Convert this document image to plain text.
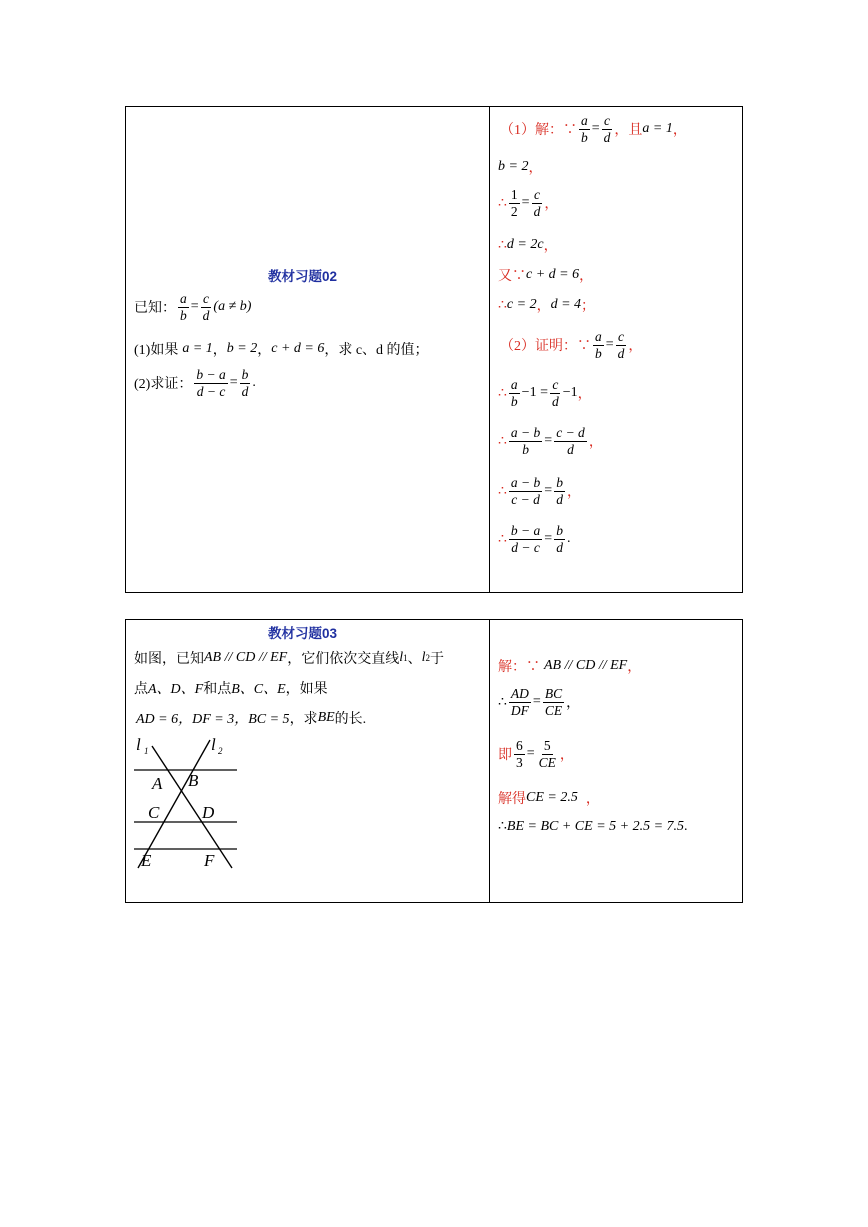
教材习题02
已知： $\frac{a}{b} = \frac{c}{d} (a \ne b)$
(1)如果 a = 1 ， b = 2 ， c + d = 6 ，求 c、d 的值；
(2)求证： $\frac{b - a}{d - c} = \frac{b}{d}$ .
（1）解：∵ $\frac{a}{b} = \frac{c}{d}$ ，且 a = 1 ，
b = 2 ，
∴ $\frac{1}{2} = \frac{c}{d}$ ，
∴ d = 2c ，
又∵ c + d = 6 ，
∴ c = 2 ， d = 4 ；
（2）证明：∵ $\frac{a}{b} = \frac{c}{d}$ ，
∴ $\frac{a}{b} -1 = \frac{c}{d} -1$ ，
∴ $\frac{a - b}{b} = \frac{c - d}{d}$ ，
∴ $\frac{a - b}{c - d} = \frac{b}{d}$ ，
∴ $\frac{b - a}{d - c} = \frac{b}{d}$ .
教材习题03
如图，已知 AB // CD // EF ，它们依次交直线 l 1 、 l 2 于
点 A、D、F 和点 B、C、E ，如果
AD = 6，DF = 3，BC = 5 ，求 BE 的长.
l 1	l 2
A B
C	D
E	F
解：∵ AB // CD // EF ，
∴ $\frac{AD}{DF} = \frac{BC}{CE}$ ，
即 $\frac{6}{3} = \frac{5}{CE}$ ，
解得 CE = 2.5 ，
∴ BE = BC + CE = 5 + 2.5 = 7.5 .
